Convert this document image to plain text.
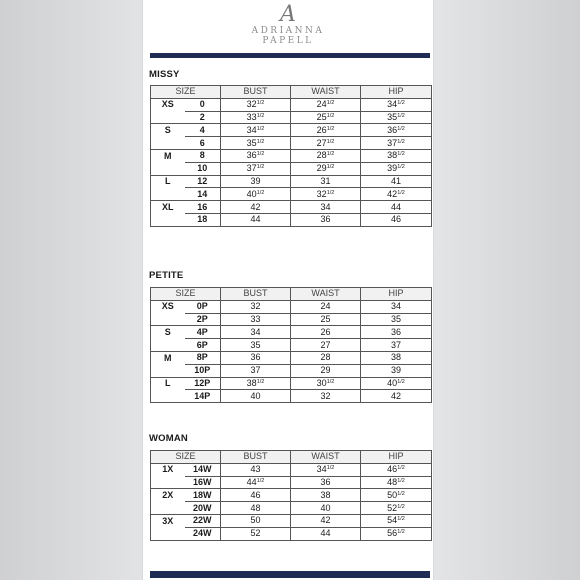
A
ADRIANNA
PAPELL
MISSY
SIZE		BUST	WAIST	HIP
XS	0	$32^{1/2}$	$24^{1/2}$	$34^{1/2}$
	2	$33^{1/2}$	$25^{1/2}$	$35^{1/2}$
S	4	$34^{1/2}$	$26^{1/2}$	$36^{1/2}$
	6	$35^{1/2}$	$27^{1/2}$	$37^{1/2}$
M	8	$36^{1/2}$	$28^{1/2}$	$38^{1/2}$
	10	$37^{1/2}$	$29^{1/2}$	$39^{1/2}$
L	12	39	31	41
	14	$40^{1/2}$	$32^{1/2}$	$42^{1/2}$
XL	16	42	34	44
	18	44	36	46
PETITE
SIZE		BUST	WAIST	HIP
XS	0P	32	24	34
	2P	33	25	35
S	4P	34	26	36
	6P	35	27	37
M	8P	36	28	38
	10P	37	29	39
L	12P	$38^{1/2}$	$30^{1/2}$	$40^{1/2}$
	14P	40	32	42
WOMAN
SIZE		BUST	WAIST	HIP
1X	14W	43	$34^{1/2}$	$46^{1/2}$
	16W	$44^{1/2}$	36	$48^{1/2}$
2X	18W	46	38	$50^{1/2}$
	20W	48	40	$52^{1/2}$
3X	22W	50	42	$54^{1/2}$
	24W	52	44	$56^{1/2}$
